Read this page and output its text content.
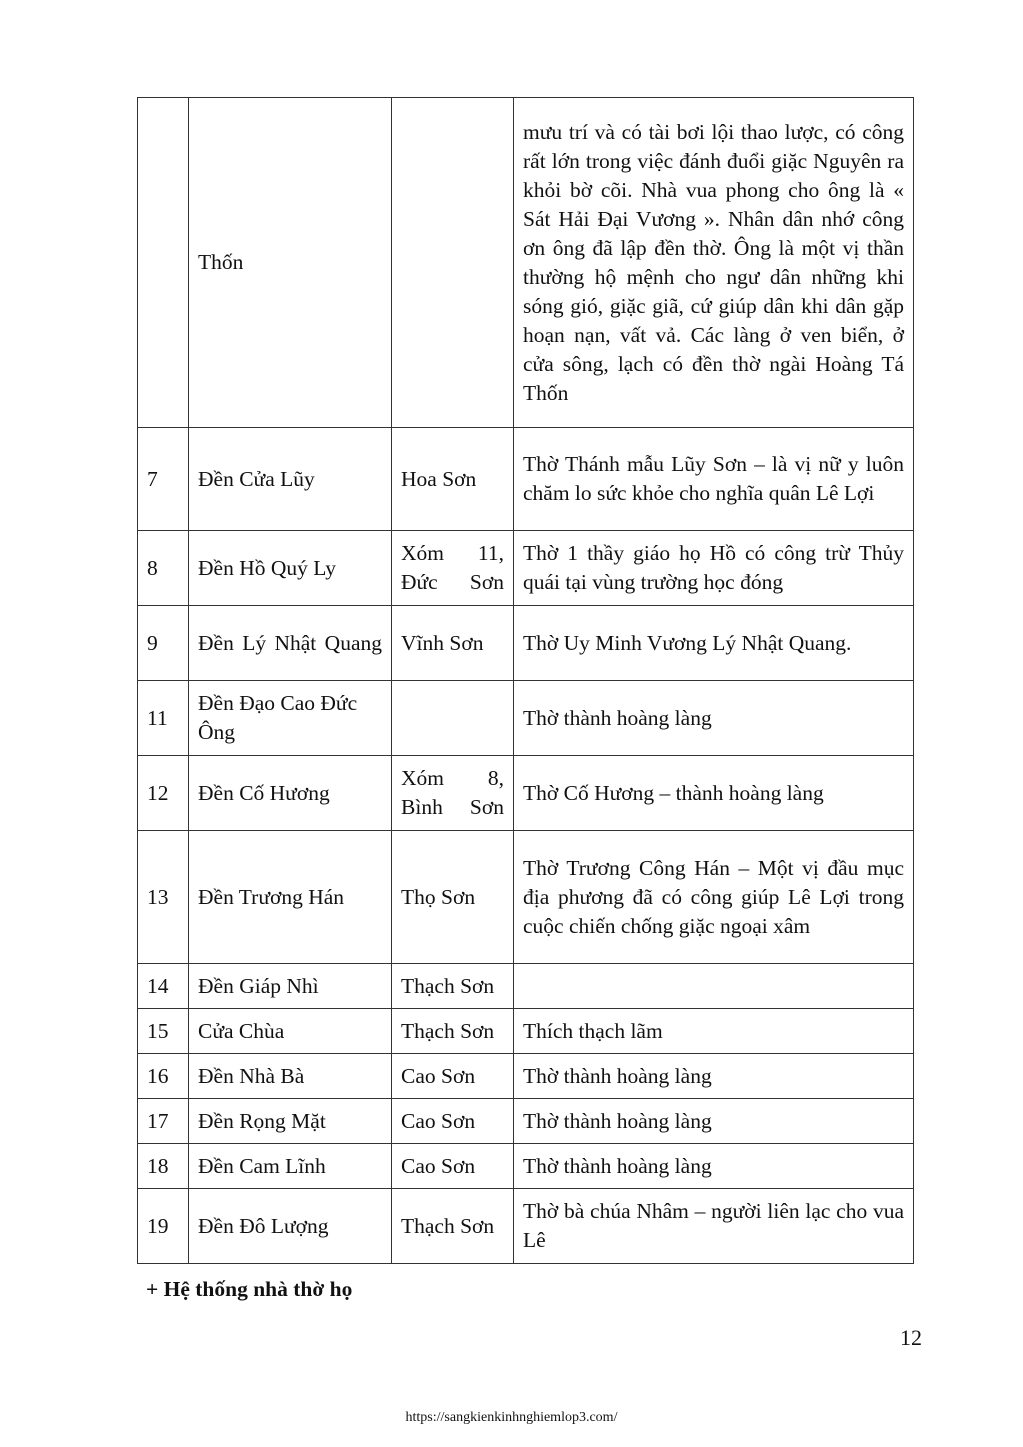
	Thốn		mưu trí và có tài bơi lội thao lược, có công rất lớn trong việc đánh đuổi giặc Nguyên ra khỏi bờ cõi. Nhà vua phong cho ông là « Sát Hải Đại Vương ». Nhân dân nhớ công ơn ông đã lập đền thờ. Ông là một vị thần thường hộ mệnh cho ngư dân những khi sóng gió, giặc giã, cứ giúp dân khi dân gặp hoạn nạn, vất vả. Các làng ở ven biển, ở cửa sông, lạch có đền thờ ngài Hoàng Tá Thốn
7	Đền Cửa Lũy	Hoa Sơn	Thờ Thánh mẫu Lũy Sơn – là vị nữ y luôn chăm lo sức khỏe cho nghĩa quân Lê Lợi
8	Đền Hồ Quý Ly	Xóm 11, Đức Sơn	Thờ 1 thầy giáo họ Hồ có công trừ Thủy quái tại vùng trường học đóng
9	Đền Lý Nhật Quang	Vĩnh Sơn	Thờ Uy Minh Vương Lý Nhật Quang.
11	Đền Đạo Cao Đức Ông		Thờ thành hoàng làng
12	Đền Cố Hương	Xóm 8, Bình Sơn	Thờ Cố Hương – thành hoàng làng
13	Đền Trương Hán	Thọ Sơn	Thờ Trương Công Hán – Một vị đầu mục địa phương đã có công giúp Lê Lợi trong cuộc chiến chống giặc ngoại xâm
14	Đền Giáp Nhì	Thạch Sơn	
15	Cửa Chùa	Thạch Sơn	Thích thạch lãm
16	Đền Nhà Bà	Cao Sơn	Thờ thành hoàng làng
17	Đền Rọng Mặt	Cao Sơn	Thờ thành hoàng làng
18	Đền Cam Lĩnh	Cao Sơn	Thờ thành hoàng làng
19	Đền Đô Lượng	Thạch Sơn	Thờ bà chúa Nhâm – người liên lạc cho vua Lê
+ Hệ thống nhà thờ họ
12
https://sangkienkinhnghiemlop3.com/
